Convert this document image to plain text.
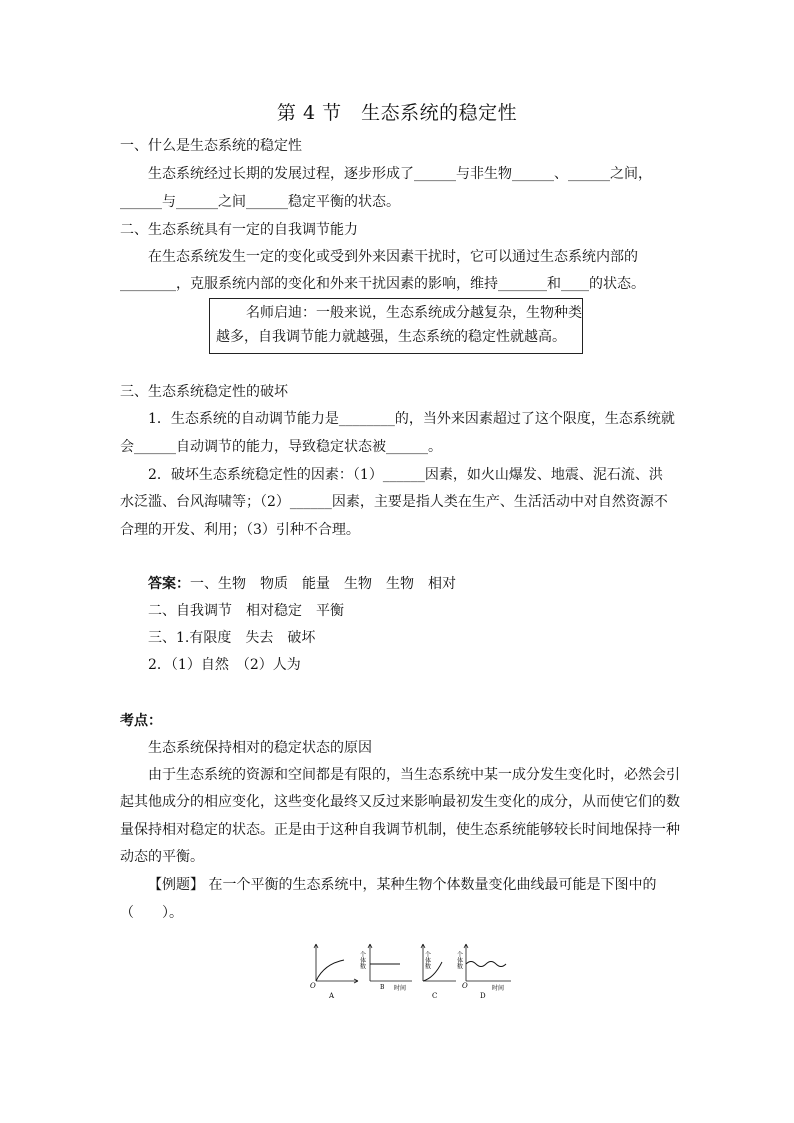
第 4 节　生态系统的稳定性
一、什么是生态系统的稳定性
生态系统经过长期的发展过程，逐步形成了______与非生物______、______之间，
______与______之间______稳定平衡的状态。
二、生态系统具有一定的自我调节能力
在生态系统发生一定的变化或受到外来因素干扰时，它可以通过生态系统内部的
________，克服系统内部的变化和外来干扰因素的影响，维持_______和____的状态。
名师启迪：一般来说，生态系统成分越复杂，生物种类
越多，自我调节能力就越强，生态系统的稳定性就越高。
三、生态系统稳定性的破坏
1．生态系统的自动调节能力是________的，当外来因素超过了这个限度，生态系统就
会______自动调节的能力，导致稳定状态被______。
2．破坏生态系统稳定性的因素：（1）______因素，如火山爆发、地震、泥石流、洪
水泛滥、台风海啸等；（2）______因素，主要是指人类在生产、生活活动中对自然资源不
合理的开发、利用；（3）引种不合理。
答案：一、生物　物质　能量　生物　生物　相对
二、自我调节　相对稳定　平衡
三、1.有限度　失去　破坏
2．（1）自然　（2）人为
考点：
生态系统保持相对的稳定状态的原因
由于生态系统的资源和空间都是有限的，当生态系统中某一成分发生变化时，必然会引
起其他成分的相应变化，这些变化最终又反过来影响最初发生变化的成分，从而使它们的数
量保持相对稳定的状态。正是由于这种自我调节机制，使生态系统能够较长时间地保持一种
动态的平衡。
【例题】 在一个平衡的生态系统中，某种生物个体数量变化曲线最可能是下图中的
（　　）。
O
A
个体数
B 时间
个体数
C
个体数
O
D
时间
